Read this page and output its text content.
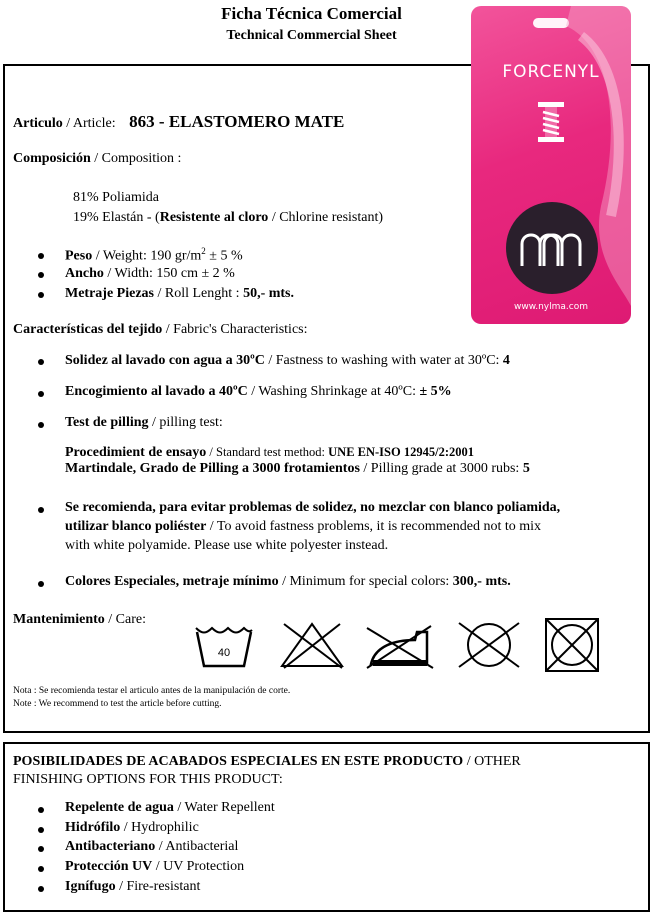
Ficha Técnica Comercial
Technical Commercial Sheet
FORCENYL
www.nylma.com
Articulo / Article: 863 - ELASTOMERO MATE
Composición / Composition :
81% Poliamida
19% Elastán - (Resistente al cloro / Chlorine resistant)
Peso / Weight: 190 $gr/m^2 \pm 5$ %
Ancho / Width: 150 cm ± 2 %
Metraje Piezas / Roll Lenght : 50,- mts.
Características del tejido / Fabric's Characteristics:
Solidez al lavado con agua a 30ºC / Fastness to washing with water at 30ºC: 4
Encogimiento al lavado a 40ºC / Washing Shrinkage at 40ºC: ± 5%
Test de pilling / pilling test:
Procedimient de ensayo / Standard test method: UNE EN-ISO 12945/2:2001
Martindale, Grado de Pilling a 3000 frotamientos / Pilling grade at 3000 rubs: 5
Se recomienda, para evitar problemas de solidez, no mezclar con blanco poliamida,
utilizar blanco poliéster / To avoid fastness problems, it is recommended not to mix
with white polyamide. Please use white polyester instead.
Colores Especiales, metraje mínimo / Minimum for special colors: 300,- mts.
Mantenimiento / Care:
40
Nota : Se recomienda testar el articulo antes de la manipulación de corte.
Note : We recommend to test the article before cutting.
POSIBILIDADES DE ACABADOS ESPECIALES EN ESTE PRODUCTO / OTHER
FINISHING OPTIONS FOR THIS PRODUCT:
Repelente de agua / Water Repellent
Hidrófilo / Hydrophilic
Antibacteriano / Antibacterial
Protección UV / UV Protection
Ignífugo / Fire-resistant
